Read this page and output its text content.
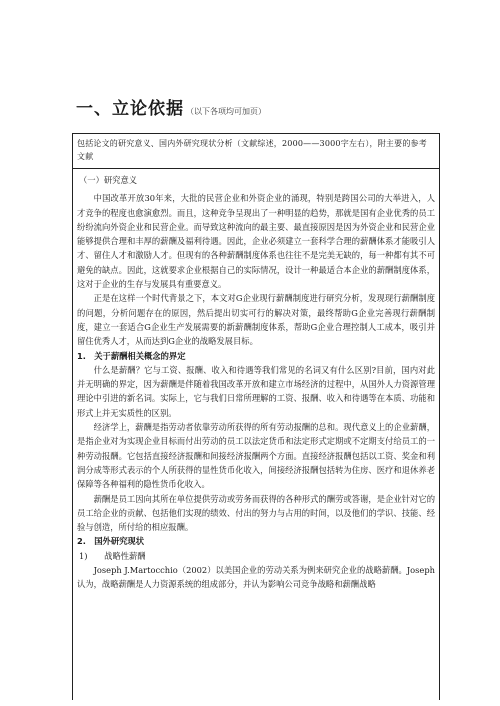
一、立论依据 （以下各项均可加页）
包括论文的研究意义、国内外研究现状分析（文献综述，2000——3000字左右），附主要的参考文献
（一）研究意义

中国改革开放30年来，大批的民营企业和外资企业的涌现，特别是跨国公司的大举进入，人才竞争的程度也愈演愈烈。而且，这种竞争呈现出了一种明显的趋势，那就是国有企业优秀的员工纷纷流向外资企业和民营企业。而导致这种流向的最主要、最直接原因是因为外资企业和民营企业能够提供合理和丰厚的薪酬及福利待遇。因此，企业必须建立一套科学合理的薪酬体系才能吸引人才、留住人才和激励人才。但现有的各种薪酬制度体系也往往不是完美无缺的，每一种都有其不可避免的缺点。因此，这就要求企业根据自己的实际情况，设计一种最适合本企业的薪酬制度体系，这对于企业的生存与发展具有重要意义。

正是在这样一个时代背景之下，本文对G企业现行薪酬制度进行研究分析，发现现行薪酬制度的问题，分析问题存在的原因，然后提出切实可行的解决对策，最终帮助G企业完善现行薪酬制度，建立一套适合G企业生产发展需要的新薪酬制度体系，帮助G企业合理控制人工成本，吸引并留住优秀人才，从而达到G企业的战略发展目标。

1.　关于薪酬相关概念的界定

什么是薪酬？它与工资、报酬、收入和待遇等我们常见的名词又有什么区别?目前，国内对此并无明确的界定，因为薪酬是伴随着我国改革开放和建立市场经济的过程中，从国外人力资源管理理论中引进的新名词。实际上，它与我们日常所理解的工资、报酬、收入和待遇等在本质、功能和形式上并无实质性的区别。

经济学上，薪酬是指劳动者依靠劳动所获得的所有劳动报酬的总和。现代意义上的企业薪酬，是指企业对为实现企业目标而付出劳动的员工以法定货币和法定形式定期或不定期支付给员工的一种劳动报酬。它包括直接经济报酬和间接经济报酬两个方面。直接经济报酬包括以工资、奖金和利润分成等形式表示的个人所获得的显性货币化收入，间接经济报酬包括转为住房、医疗和退休养老保障等各种福利的隐性货币化收入。

薪酬是员工因向其所在单位提供劳动或劳务而获得的各种形式的酬劳或答谢，是企业针对它的员工给企业的贡献、包括他们实现的绩效、付出的努力与占用的时间，以及他们的学识、技能、经验与创造，所付给的相应报酬。

2.　国外研究现状

1)　　战略性薪酬

Joseph J.Martocchio（2002）以美国企业的劳动关系为例来研究企业的战略薪酬。Joseph认为，战略薪酬是人力资源系统的组成部分，并认为影响公司竞争战略和薪酬战略
